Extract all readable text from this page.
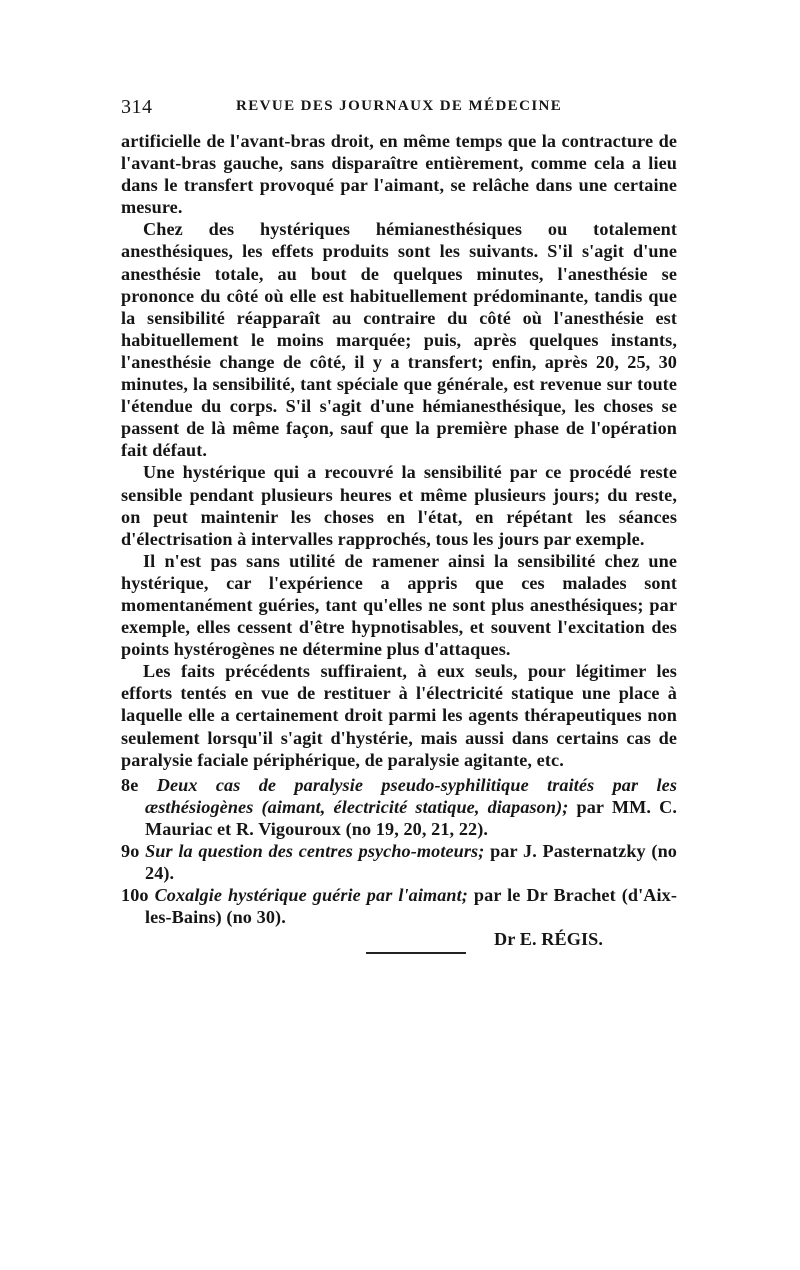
314	REVUE DES JOURNAUX DE MÉDECINE

artificielle de l'avant-bras droit, en même temps que la contracture de l'avant-bras gauche, sans disparaître entièrement, comme cela a lieu dans le transfert provoqué par l'aimant, se relâche dans une certaine mesure.

Chez des hystériques hémianesthésiques ou totalement anesthésiques, les effets produits sont les suivants. S'il s'agit d'une anesthésie totale, au bout de quelques minutes, l'anesthésie se prononce du côté où elle est habituellement prédominante, tandis que la sensibilité réapparaît au contraire du côté où l'anesthésie est habituellement le moins marquée; puis, après quelques instants, l'anesthésie change de côté, il y a transfert; enfin, après 20, 25, 30 minutes, la sensibilité, tant spéciale que générale, est revenue sur toute l'étendue du corps. S'il s'agit d'une hémianesthésique, les choses se passent de là même façon, sauf que la première phase de l'opération fait défaut.

Une hystérique qui a recouvré la sensibilité par ce procédé reste sensible pendant plusieurs heures et même plusieurs jours; du reste, on peut maintenir les choses en l'état, en répétant les séances d'électrisation à intervalles rapprochés, tous les jours par exemple.

Il n'est pas sans utilité de ramener ainsi la sensibilité chez une hystérique, car l'expérience a appris que ces malades sont momentanément guéries, tant qu'elles ne sont plus anesthésiques; par exemple, elles cessent d'être hypnotisables, et souvent l'excitation des points hystérogènes ne détermine plus d'attaques.

Les faits précédents suffiraient, à eux seuls, pour légitimer les efforts tentés en vue de restituer à l'électricité statique une place à laquelle elle a certainement droit parmi les agents thérapeutiques non seulement lorsqu'il s'agit d'hystérie, mais aussi dans certains cas de paralysie faciale périphérique, de paralysie agitante, etc.

8e Deux cas de paralysie pseudo-syphilitique traités par les æsthésiogènes (aimant, électricité statique, diapason); par MM. C. Mauriac et R. Vigouroux (no 19, 20, 21, 22).

9o Sur la question des centres psycho-moteurs; par J. Pasternatzky (no 24).

10o Coxalgie hystérique guérie par l'aimant; par le Dr Brachet (d'Aix-les-Bains) (no 30).

Dr E. RÉGIS.
